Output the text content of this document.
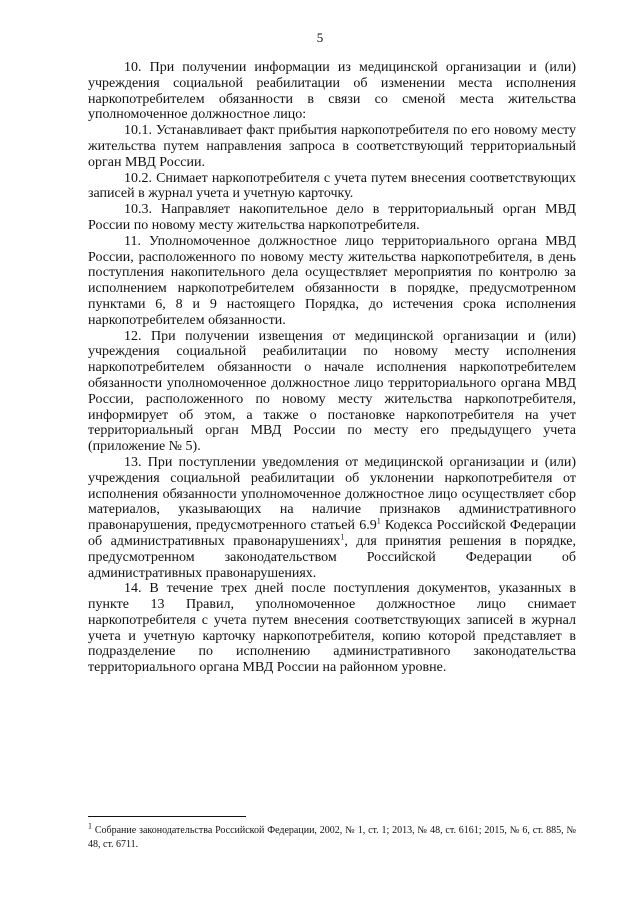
5

10. При получении информации из медицинской организации и (или) учреждения социальной реабилитации об изменении места исполнения наркопотребителем обязанности в связи со сменой места жительства уполномоченное должностное лицо:

10.1. Устанавливает факт прибытия наркопотребителя по его новому месту жительства путем направления запроса в соответствующий территориальный орган МВД России.

10.2. Снимает наркопотребителя с учета путем внесения соответствующих записей в журнал учета и учетную карточку.

10.3. Направляет накопительное дело в территориальный орган МВД России по новому месту жительства наркопотребителя.

11. Уполномоченное должностное лицо территориального органа МВД России, расположенного по новому месту жительства наркопотребителя, в день поступления накопительного дела осуществляет мероприятия по контролю за исполнением наркопотребителем обязанности в порядке, предусмотренном пунктами 6, 8 и 9 настоящего Порядка, до истечения срока исполнения наркопотребителем обязанности.

12. При получении извещения от медицинской организации и (или) учреждения социальной реабилитации по новому месту исполнения наркопотребителем обязанности о начале исполнения наркопотребителем обязанности уполномоченное должностное лицо территориального органа МВД России, расположенного по новому месту жительства наркопотребителя, информирует об этом, а также о постановке наркопотребителя на учет территориальный орган МВД России по месту его предыдущего учета (приложение № 5).

13. При поступлении уведомления от медицинской организации и (или) учреждения социальной реабилитации об уклонении наркопотребителя от исполнения обязанности уполномоченное должностное лицо осуществляет сбор материалов, указывающих на наличие признаков административного правонарушения, предусмотренного статьей $6.9^1$ Кодекса Российской Федерации об административных правонарушениях$^1$, для принятия решения в порядке, предусмотренном законодательством Российской Федерации об административных правонарушениях.

14. В течение трех дней после поступления документов, указанных в пункте 13 Правил, уполномоченное должностное лицо снимает наркопотребителя с учета путем внесения соответствующих записей в журнал учета и учетную карточку наркопотребителя, копию которой представляет в подразделение по исполнению административного законодательства территориального органа МВД России на районном уровне.

$^1$ Собрание законодательства Российской Федерации, 2002, № 1, ст. 1; 2013, № 48, ст. 6161; 2015, № 6, ст. 885, № 48, ст. 6711.
